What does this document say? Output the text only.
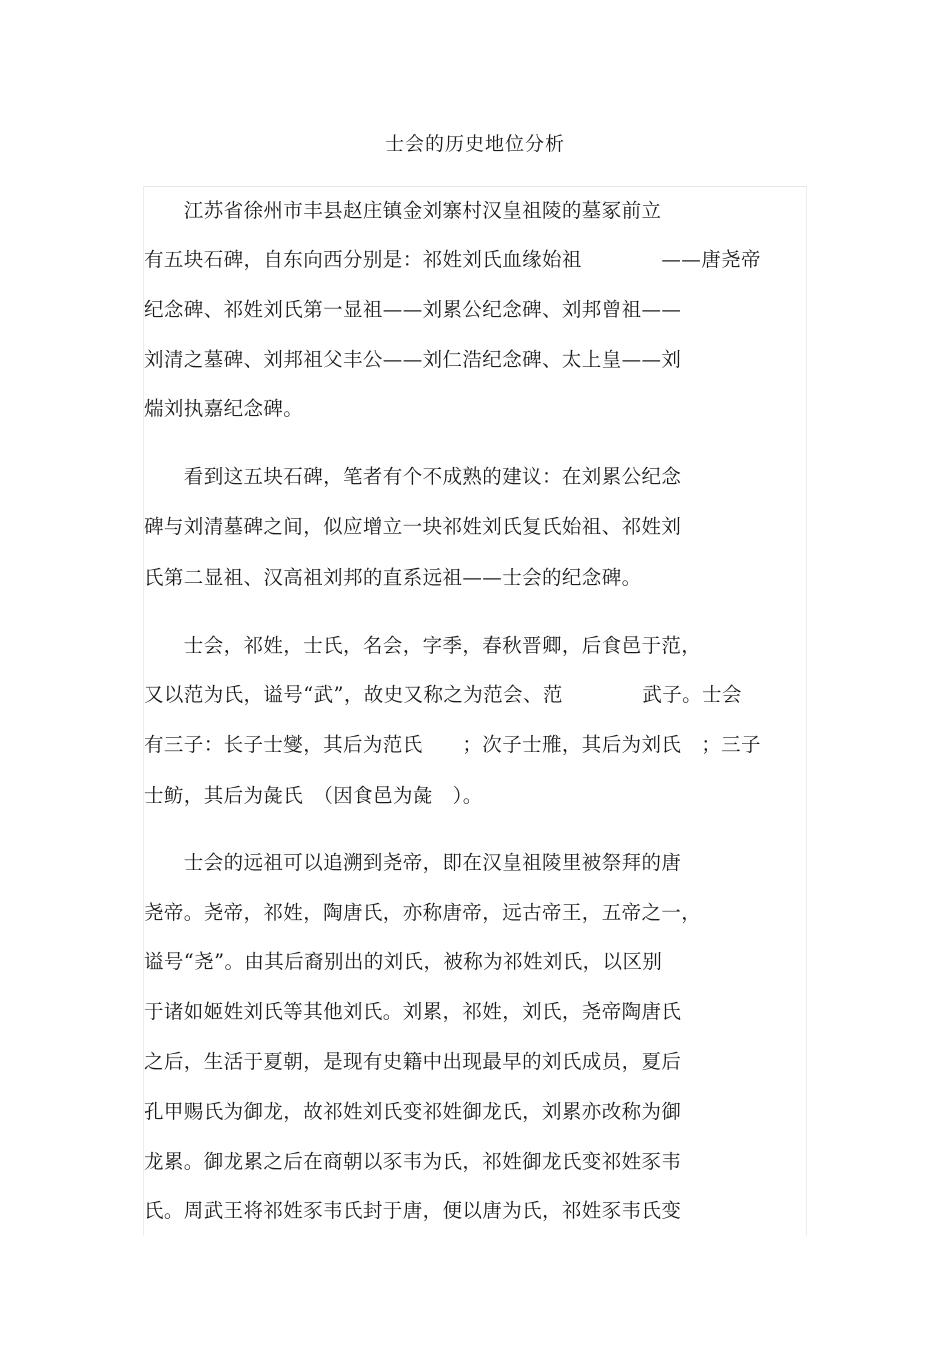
士会的历史地位分析
　　江苏省徐州市丰县赵庄镇金刘寨村汉皇祖陵的墓冢前立
有五块石碑，自东向西分别是：祁姓刘氏血缘始祖　　　　——唐尧帝
纪念碑、祁姓刘氏第一显祖——刘累公纪念碑、刘邦曾祖——
刘清之墓碑、刘邦祖父丰公——刘仁浩纪念碑、太上皇——刘
煓刘执嘉纪念碑。
　　看到这五块石碑，笔者有个不成熟的建议：在刘累公纪念
碑与刘清墓碑之间，似应增立一块祁姓刘氏复氏始祖、祁姓刘
氏第二显祖、汉高祖刘邦的直系远祖——士会的纪念碑。
　　士会，祁姓，士氏，名会，字季，春秋晋卿，后食邑于范，
又以范为氏，谥号“武”，故史又称之为范会、范　　　　武子。士会
有三子：长子士燮，其后为范氏　　；次子士雃，其后为刘氏　；三子
士鲂，其后为彘氏　（因食邑为彘　）。
　　士会的远祖可以追溯到尧帝，即在汉皇祖陵里被祭拜的唐
尧帝。尧帝，祁姓，陶唐氏，亦称唐帝，远古帝王，五帝之一，
谥号“尧”。由其后裔别出的刘氏，被称为祁姓刘氏，以区别
于诸如姬姓刘氏等其他刘氏。刘累，祁姓，刘氏，尧帝陶唐氏
之后，生活于夏朝，是现有史籍中出现最早的刘氏成员，夏后
孔甲赐氏为御龙，故祁姓刘氏变祁姓御龙氏，刘累亦改称为御
龙累。御龙累之后在商朝以豕韦为氏，祁姓御龙氏变祁姓豕韦
氏。周武王将祁姓豕韦氏封于唐，便以唐为氏，祁姓豕韦氏变
